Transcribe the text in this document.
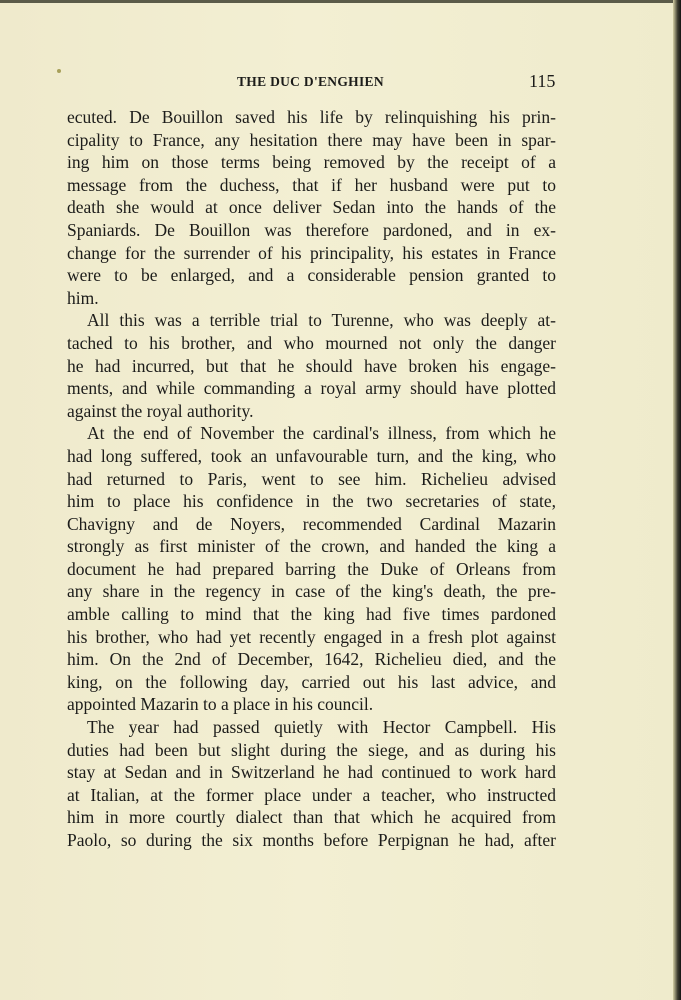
THE DUC D'ENGHIEN	115
ecuted. De Bouillon saved his life by relinquishing his prin-
cipality to France, any hesitation there may have been in spar-
ing him on those terms being removed by the receipt of a
message from the duchess, that if her husband were put to
death she would at once deliver Sedan into the hands of the
Spaniards. De Bouillon was therefore pardoned, and in ex-
change for the surrender of his principality, his estates in France
were to be enlarged, and a considerable pension granted to
him.
All this was a terrible trial to Turenne, who was deeply at-
tached to his brother, and who mourned not only the danger
he had incurred, but that he should have broken his engage-
ments, and while commanding a royal army should have plotted
against the royal authority.
At the end of November the cardinal's illness, from which he
had long suffered, took an unfavourable turn, and the king, who
had returned to Paris, went to see him. Richelieu advised
him to place his confidence in the two secretaries of state,
Chavigny and de Noyers, recommended Cardinal Mazarin
strongly as first minister of the crown, and handed the king a
document he had prepared barring the Duke of Orleans from
any share in the regency in case of the king's death, the pre-
amble calling to mind that the king had five times pardoned
his brother, who had yet recently engaged in a fresh plot against
him. On the 2nd of December, 1642, Richelieu died, and the
king, on the following day, carried out his last advice, and
appointed Mazarin to a place in his council.
The year had passed quietly with Hector Campbell. His
duties had been but slight during the siege, and as during his
stay at Sedan and in Switzerland he had continued to work hard
at Italian, at the former place under a teacher, who instructed
him in more courtly dialect than that which he acquired from
Paolo, so during the six months before Perpignan he had, after
